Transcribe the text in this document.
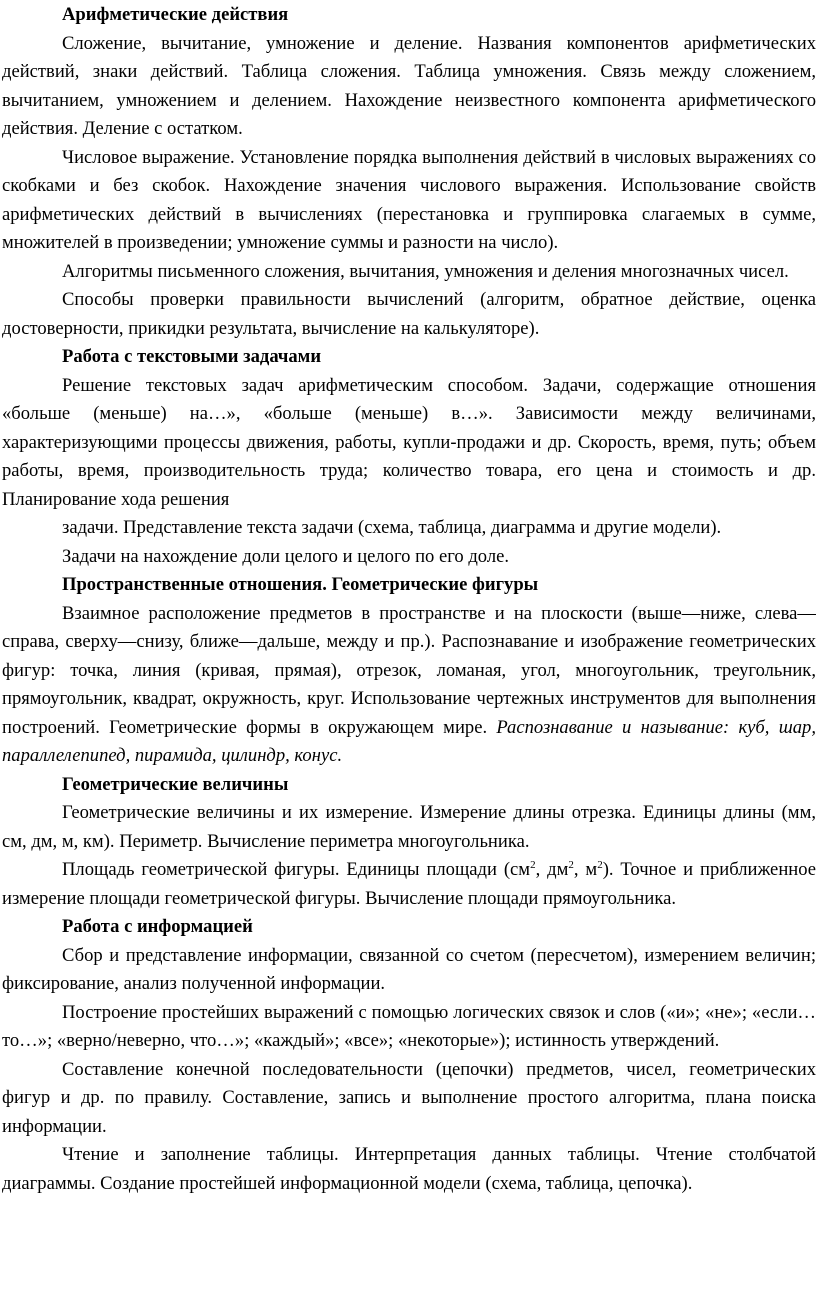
Арифметические действия

Сложение, вычитание, умножение и деление. Названия компонентов арифметических действий, знаки действий. Таблица сложения. Таблица умножения. Связь между сложением, вычитанием, умножением и делением. Нахождение неизвестного компонента арифметического действия. Деление с остатком.

Числовое выражение. Установление порядка выполнения действий в числовых выражениях со скобками и без скобок. Нахождение значения числового выражения. Использование свойств арифметических действий в вычислениях (перестановка и группировка слагаемых в сумме, множителей в произведении; умножение суммы и разности на число).

Алгоритмы письменного сложения, вычитания, умножения и деления многозначных чисел.

Способы проверки правильности вычислений (алгоритм, обратное действие, оценка достоверности, прикидки результата, вычисление на калькуляторе).

Работа с текстовыми задачами

Решение текстовых задач арифметическим способом. Задачи, содержащие отношения «больше (меньше) на…», «больше (меньше) в…». Зависимости между величинами, характеризующими процессы движения, работы, купли-продажи и др. Скорость, время, путь; объем работы, время, производительность труда; количество товара, его цена и стоимость и др. Планирование хода решения

задачи. Представление текста задачи (схема, таблица, диаграмма и другие модели).

Задачи на нахождение доли целого и целого по его доле.

Пространственные отношения. Геометрические фигуры

Взаимное расположение предметов в пространстве и на плоскости (выше—ниже, слева—справа, сверху—снизу, ближе—дальше, между и пр.). Распознавание и изображение геометрических фигур: точка, линия (кривая, прямая), отрезок, ломаная, угол, многоугольник, треугольник, прямоугольник, квадрат, окружность, круг. Использование чертежных инструментов для выполнения построений. Геометрические формы в окружающем мире. Распознавание и называние: куб, шар, параллелепипед, пирамида, цилиндр, конус.

Геометрические величины

Геометрические величины и их измерение. Измерение длины отрезка. Единицы длины (мм, см, дм, м, км). Периметр. Вычисление периметра многоугольника.

Площадь геометрической фигуры. Единицы площади ($см^2$, $дм^2$, $м^2$). Точное и приближенное измерение площади геометрической фигуры. Вычисление площади прямоугольника.

Работа с информацией

Сбор и представление информации, связанной со счетом (пересчетом), измерением величин; фиксирование, анализ полученной информации.

Построение простейших выражений с помощью логических связок и слов («и»; «не»; «если… то…»; «верно/неверно, что…»; «каждый»; «все»; «некоторые»); истинность утверждений.

Составление конечной последовательности (цепочки) предметов, чисел, геометрических фигур и др. по правилу. Составление, запись и выполнение простого алгоритма, плана поиска информации.

Чтение и заполнение таблицы. Интерпретация данных таблицы. Чтение столбчатой диаграммы. Создание простейшей информационной модели (схема, таблица, цепочка).
